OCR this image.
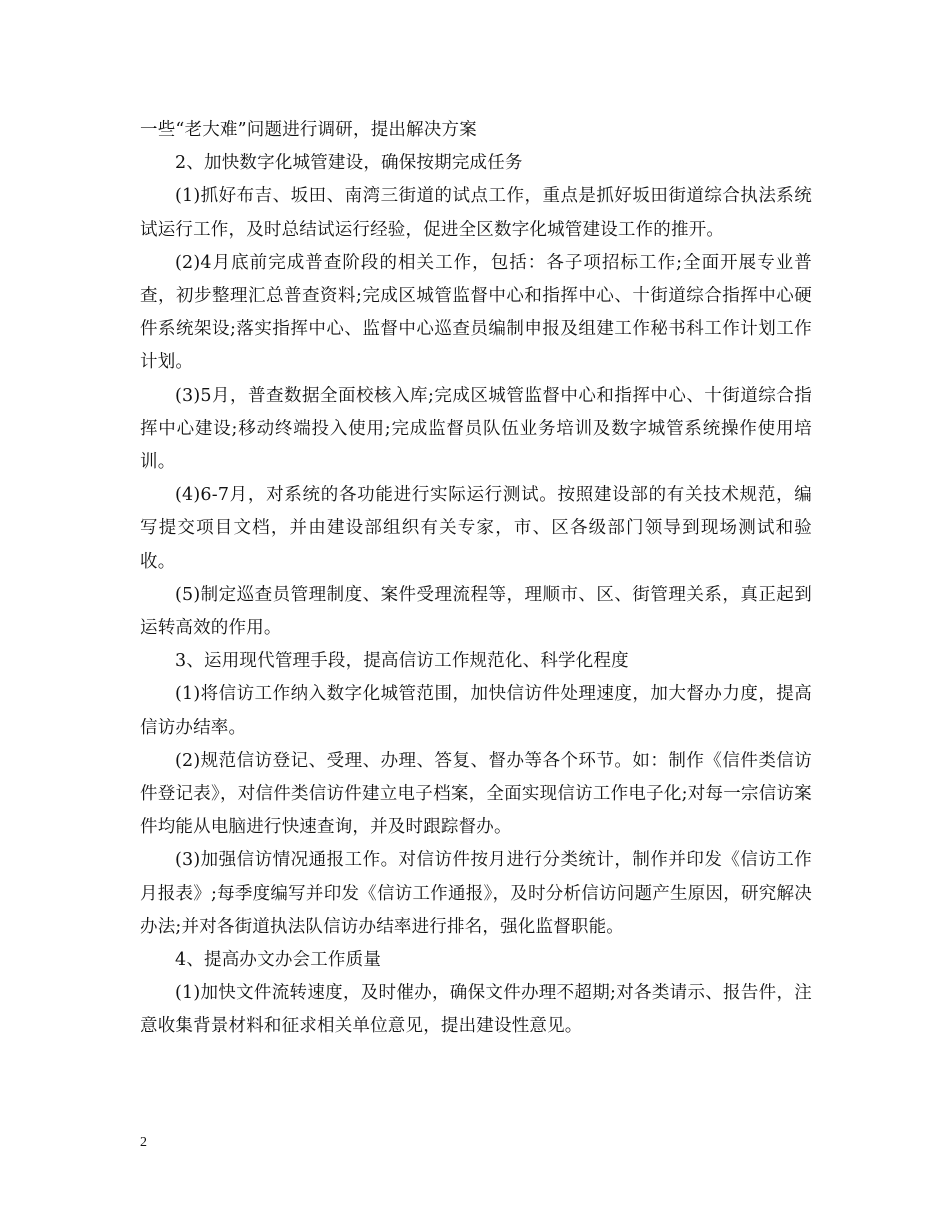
一些“老大难”问题进行调研，提出解决方案

2、加快数字化城管建设，确保按期完成任务

(1)抓好布吉、坂田、南湾三街道的试点工作，重点是抓好坂田街道综合执法系统试运行工作，及时总结试运行经验，促进全区数字化城管建设工作的推开。

(2)4月底前完成普查阶段的相关工作，包括：各子项招标工作;全面开展专业普查，初步整理汇总普查资料;完成区城管监督中心和指挥中心、十街道综合指挥中心硬件系统架设;落实指挥中心、监督中心巡查员编制申报及组建工作秘书科工作计划工作计划。

(3)5月，普查数据全面校核入库;完成区城管监督中心和指挥中心、十街道综合指挥中心建设;移动终端投入使用;完成监督员队伍业务培训及数字城管系统操作使用培训。

(4)6-7月，对系统的各功能进行实际运行测试。按照建设部的有关技术规范，编写提交项目文档，并由建设部组织有关专家，市、区各级部门领导到现场测试和验收。

(5)制定巡查员管理制度、案件受理流程等，理顺市、区、街管理关系，真正起到运转高效的作用。

3、运用现代管理手段，提高信访工作规范化、科学化程度

(1)将信访工作纳入数字化城管范围，加快信访件处理速度，加大督办力度，提高信访办结率。

(2)规范信访登记、受理、办理、答复、督办等各个环节。如：制作《信件类信访件登记表》，对信件类信访件建立电子档案，全面实现信访工作电子化;对每一宗信访案件均能从电脑进行快速查询，并及时跟踪督办。

(3)加强信访情况通报工作。对信访件按月进行分类统计，制作并印发《信访工作月报表》;每季度编写并印发《信访工作通报》，及时分析信访问题产生原因，研究解决办法;并对各街道执法队信访办结率进行排名，强化监督职能。

4、提高办文办会工作质量

(1)加快文件流转速度，及时催办，确保文件办理不超期;对各类请示、报告件，注意收集背景材料和征求相关单位意见，提出建设性意见。

2
